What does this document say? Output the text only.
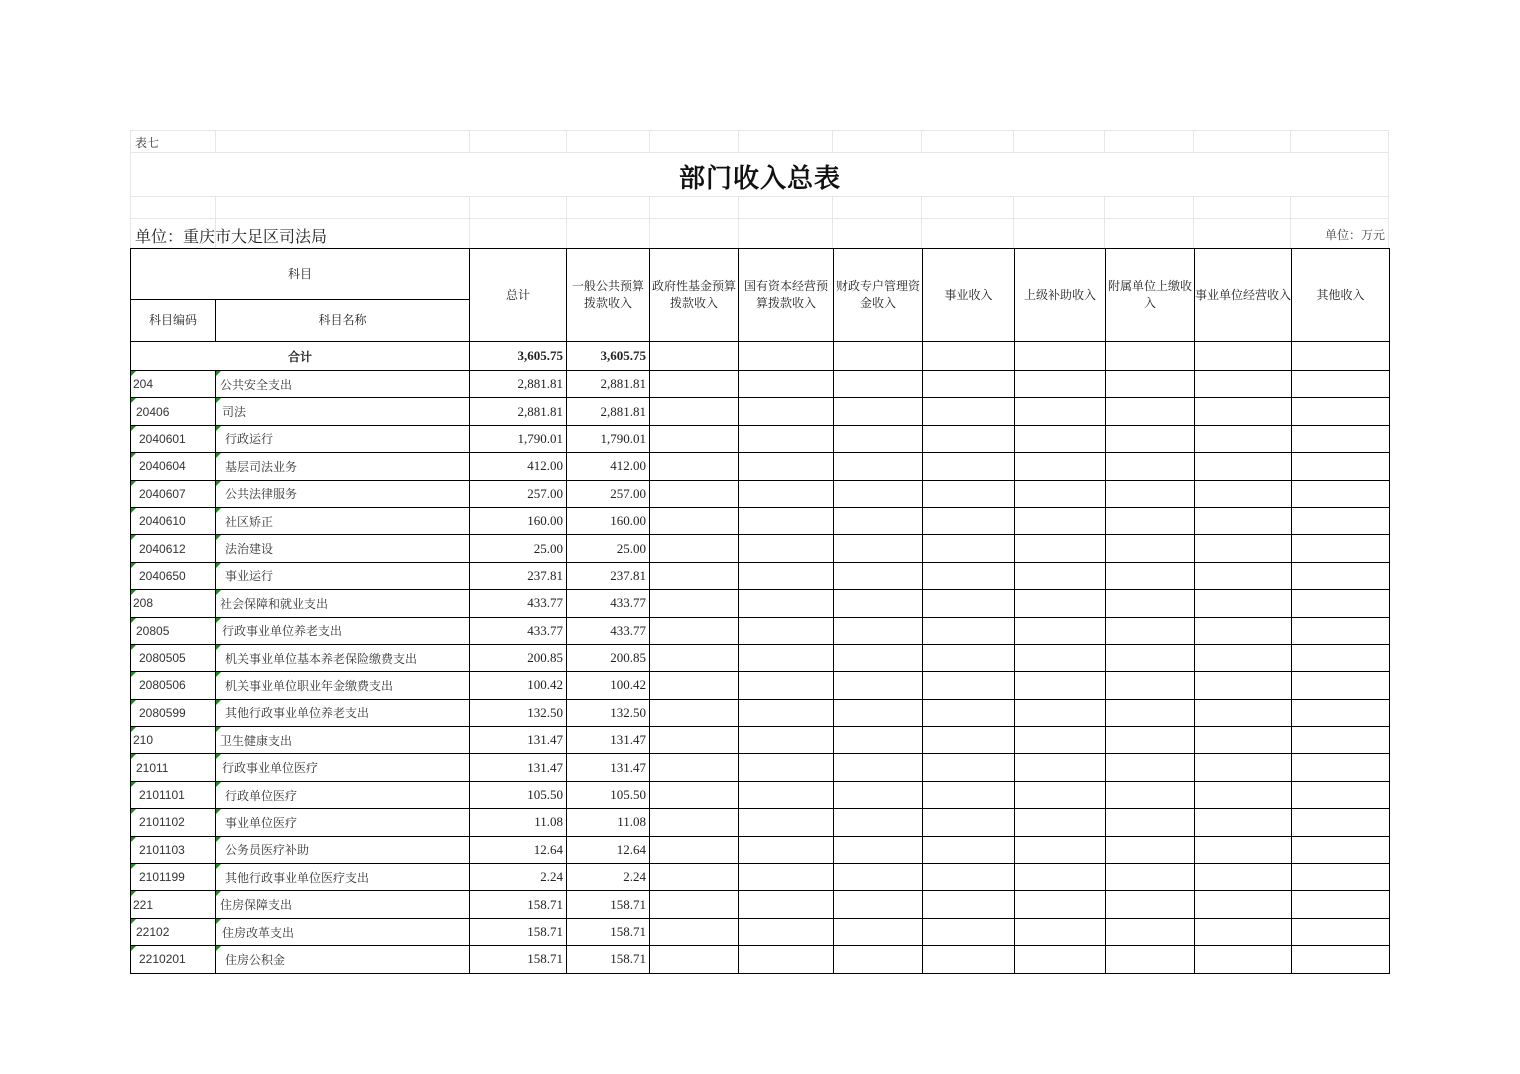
表七
部门收入总表
单位：重庆市大足区司法局	单位：万元
科目		总计	一般公共预算拨款收入	政府性基金预算拨款收入	国有资本经营预算拨款收入	财政专户管理资金收入	事业收入	上级补助收入	附属单位上缴收入	事业单位经营收入	其他收入
科目编码	科目名称										
合计		3,605.75	3,605.75								
204	公共安全支出	2,881.81	2,881.81								
20406	司法	2,881.81	2,881.81								
2040601	行政运行	1,790.01	1,790.01								
2040604	基层司法业务	412.00	412.00								
2040607	公共法律服务	257.00	257.00								
2040610	社区矫正	160.00	160.00								
2040612	法治建设	25.00	25.00								
2040650	事业运行	237.81	237.81								
208	社会保障和就业支出	433.77	433.77								
20805	行政事业单位养老支出	433.77	433.77								
2080505	机关事业单位基本养老保险缴费支出	200.85	200.85								
2080506	机关事业单位职业年金缴费支出	100.42	100.42								
2080599	其他行政事业单位养老支出	132.50	132.50								
210	卫生健康支出	131.47	131.47								
21011	行政事业单位医疗	131.47	131.47								
2101101	行政单位医疗	105.50	105.50								
2101102	事业单位医疗	11.08	11.08								
2101103	公务员医疗补助	12.64	12.64								
2101199	其他行政事业单位医疗支出	2.24	2.24								
221	住房保障支出	158.71	158.71								
22102	住房改革支出	158.71	158.71								
2210201	住房公积金	158.71	158.71								
